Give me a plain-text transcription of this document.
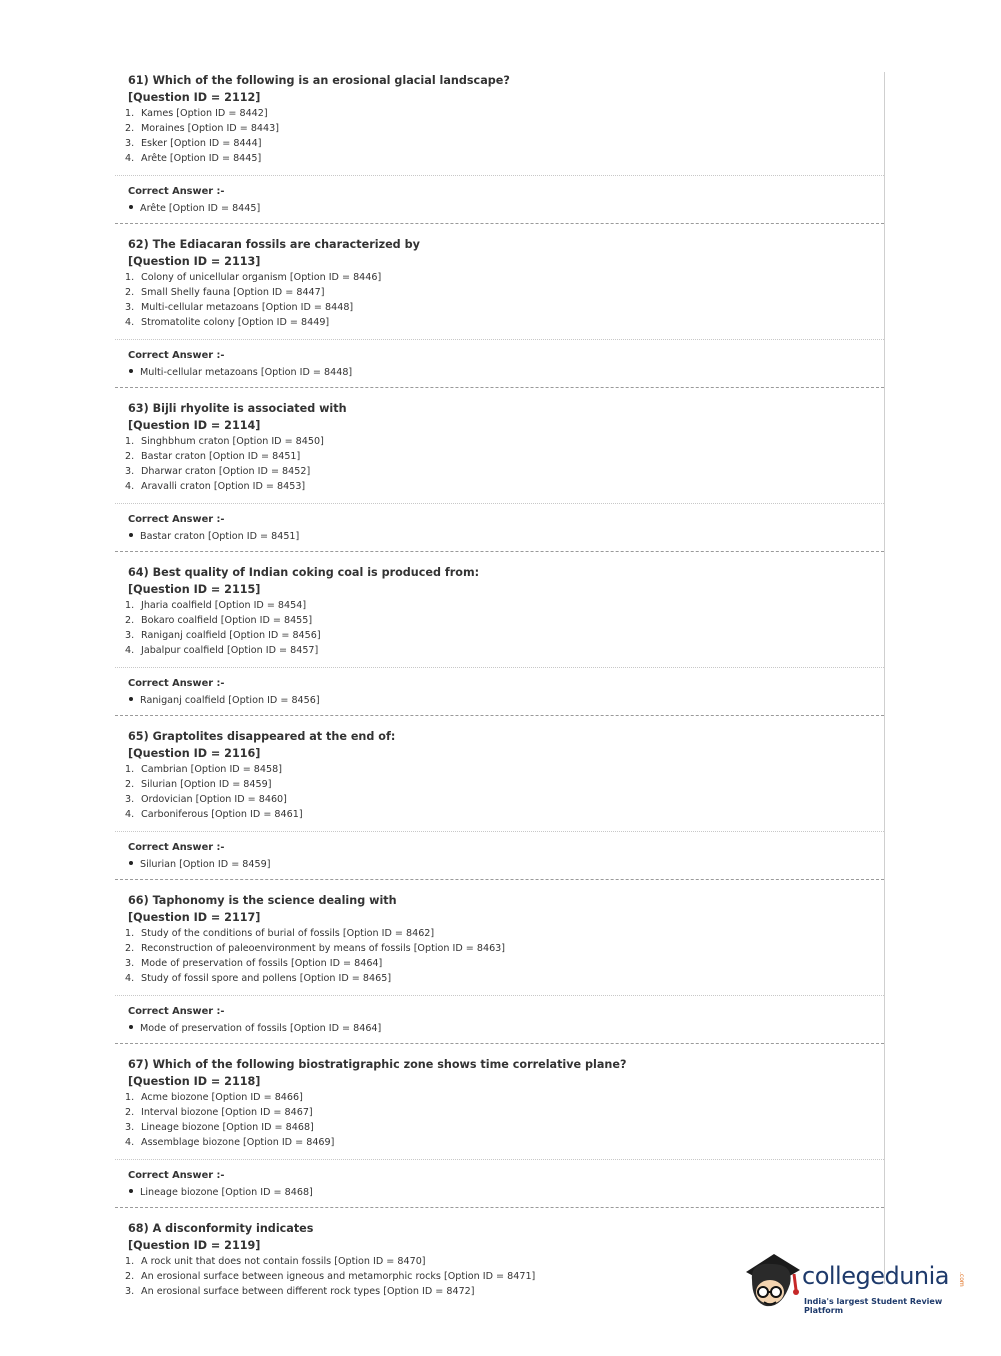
61) Which of the following is an erosional glacial landscape?
[Question ID = 2112]
1. Kames [Option ID = 8442]
2. Moraines [Option ID = 8443]
3. Esker [Option ID = 8444]
4. Arête [Option ID = 8445]
Correct Answer :-
Arête [Option ID = 8445]
62) The Ediacaran fossils are characterized by
[Question ID = 2113]
1. Colony of unicellular organism [Option ID = 8446]
2. Small Shelly fauna [Option ID = 8447]
3. Multi-cellular metazoans [Option ID = 8448]
4. Stromatolite colony [Option ID = 8449]
Correct Answer :-
Multi-cellular metazoans [Option ID = 8448]
63) Bijli rhyolite is associated with
[Question ID = 2114]
1. Singhbhum craton [Option ID = 8450]
2. Bastar craton [Option ID = 8451]
3. Dharwar craton [Option ID = 8452]
4. Aravalli craton [Option ID = 8453]
Correct Answer :-
Bastar craton [Option ID = 8451]
64) Best quality of Indian coking coal is produced from:
[Question ID = 2115]
1. Jharia coalfield [Option ID = 8454]
2. Bokaro coalfield [Option ID = 8455]
3. Raniganj coalfield [Option ID = 8456]
4. Jabalpur coalfield [Option ID = 8457]
Correct Answer :-
Raniganj coalfield [Option ID = 8456]
65) Graptolites disappeared at the end of:
[Question ID = 2116]
1. Cambrian [Option ID = 8458]
2. Silurian [Option ID = 8459]
3. Ordovician [Option ID = 8460]
4. Carboniferous [Option ID = 8461]
Correct Answer :-
Silurian [Option ID = 8459]
66) Taphonomy is the science dealing with
[Question ID = 2117]
1. Study of the conditions of burial of fossils [Option ID = 8462]
2. Reconstruction of paleoenvironment by means of fossils [Option ID = 8463]
3. Mode of preservation of fossils [Option ID = 8464]
4. Study of fossil spore and pollens [Option ID = 8465]
Correct Answer :-
Mode of preservation of fossils [Option ID = 8464]
67) Which of the following biostratigraphic zone shows time correlative plane?
[Question ID = 2118]
1. Acme biozone [Option ID = 8466]
2. Interval biozone [Option ID = 8467]
3. Lineage biozone [Option ID = 8468]
4. Assemblage biozone [Option ID = 8469]
Correct Answer :-
Lineage biozone [Option ID = 8468]
68) A disconformity indicates
[Question ID = 2119]
1. A rock unit that does not contain fossils [Option ID = 8470]
2. An erosional surface between igneous and metamorphic rocks [Option ID = 8471]
3. An erosional surface between different rock types [Option ID = 8472]
collegedunia .com
India's largest Student Review Platform
